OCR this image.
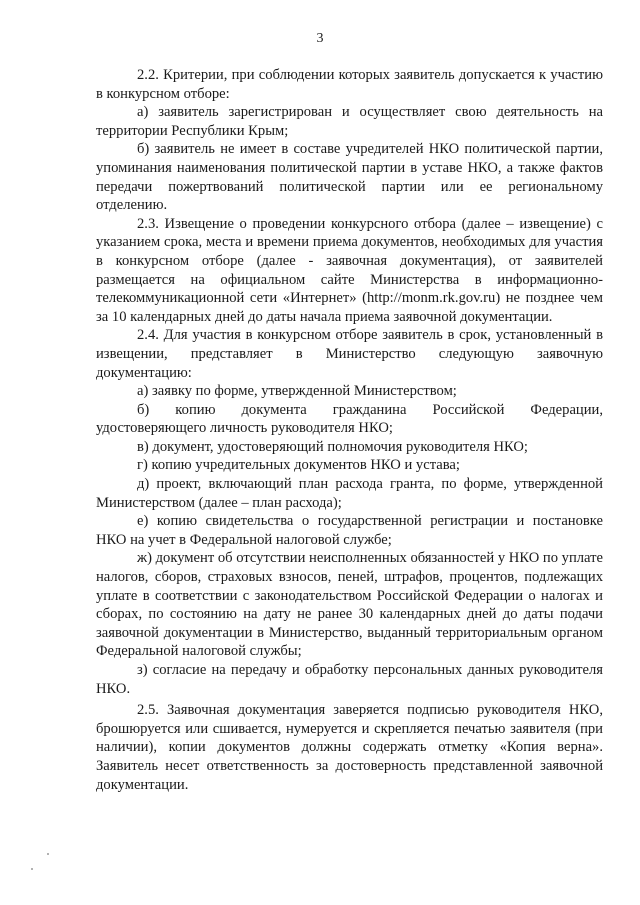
3

2.2. Критерии, при соблюдении которых заявитель допускается к участию в конкурсном отборе:

а) заявитель зарегистрирован и осуществляет свою деятельность на территории Республики Крым;

б) заявитель не имеет в составе учредителей НКО политической партии, упоминания наименования политической партии в уставе НКО, а также фактов передачи пожертвований политической партии или ее региональному отделению.

2.3. Извещение о проведении конкурсного отбора (далее – извещение) с указанием срока, места и времени приема документов, необходимых для участия в конкурсном отборе (далее - заявочная документация), от заявителей размещается на официальном сайте Министерства в информационно-телекоммуникационной сети «Интернет» (http://monm.rk.gov.ru) не позднее чем за 10 календарных дней до даты начала приема заявочной документации.

2.4. Для участия в конкурсном отборе заявитель в срок, установленный в извещении, представляет в Министерство следующую заявочную документацию:

а) заявку по форме, утвержденной Министерством;

б) копию документа гражданина Российской Федерации, удостоверяющего личность руководителя НКО;

в) документ, удостоверяющий полномочия руководителя НКО;

г) копию учредительных документов НКО и устава;

д) проект, включающий план расхода гранта, по форме, утвержденной Министерством (далее – план расхода);

е) копию свидетельства о государственной регистрации и постановке НКО на учет в Федеральной налоговой службе;

ж) документ об отсутствии неисполненных обязанностей у НКО по уплате налогов, сборов, страховых взносов, пеней, штрафов, процентов, подлежащих уплате в соответствии с законодательством Российской Федерации о налогах и сборах, по состоянию на дату не ранее 30 календарных дней до даты подачи заявочной документации в Министерство, выданный территориальным органом Федеральной налоговой службы;

з) согласие на передачу и обработку персональных данных руководителя НКО.

2.5. Заявочная документация заверяется подписью руководителя НКО, брошюруется или сшивается, нумеруется и скрепляется печатью заявителя (при наличии), копии документов должны содержать отметку «Копия верна». Заявитель несет ответственность за достоверность представленной заявочной документации.
